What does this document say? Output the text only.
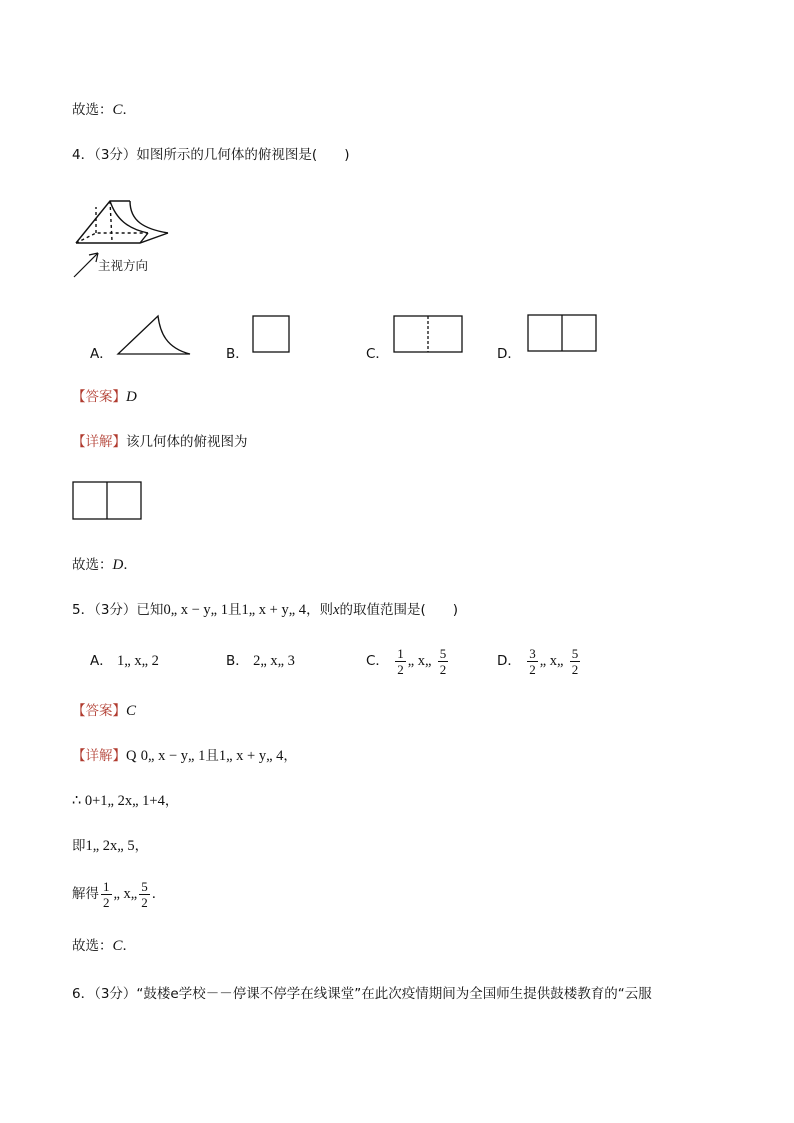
故选：C．
4．（3分）如图所示的几何体的俯视图是(　　)
主视方向
A．	B．	C．	D．
【答案】D
【详解】该几何体的俯视图为
故选：D．
5．（3分）已知0„ x − y„ 1且1„ x + y„ 4，则x的取值范围是(　　)
A． 1„ x„ 2	B． 2„ x„ 3	C． $\frac{1}{2}$ „ x„ $\frac{5}{2}$	D． $\frac{3}{2}$ „ x„ $\frac{5}{2}$
【答案】C
【详解】Q 0„ x − y„ 1且1„ x + y„ 4，
∴ 0+1„ 2x„ 1+4，
即1„ 2x„ 5，
解得 $\frac{1}{2}$ „ x„ $\frac{5}{2}$ ．
故选：C．
6．（3分）“鼓楼e学校－－停课不停学在线课堂”在此次疫情期间为全国师生提供鼓楼教育的“云服
